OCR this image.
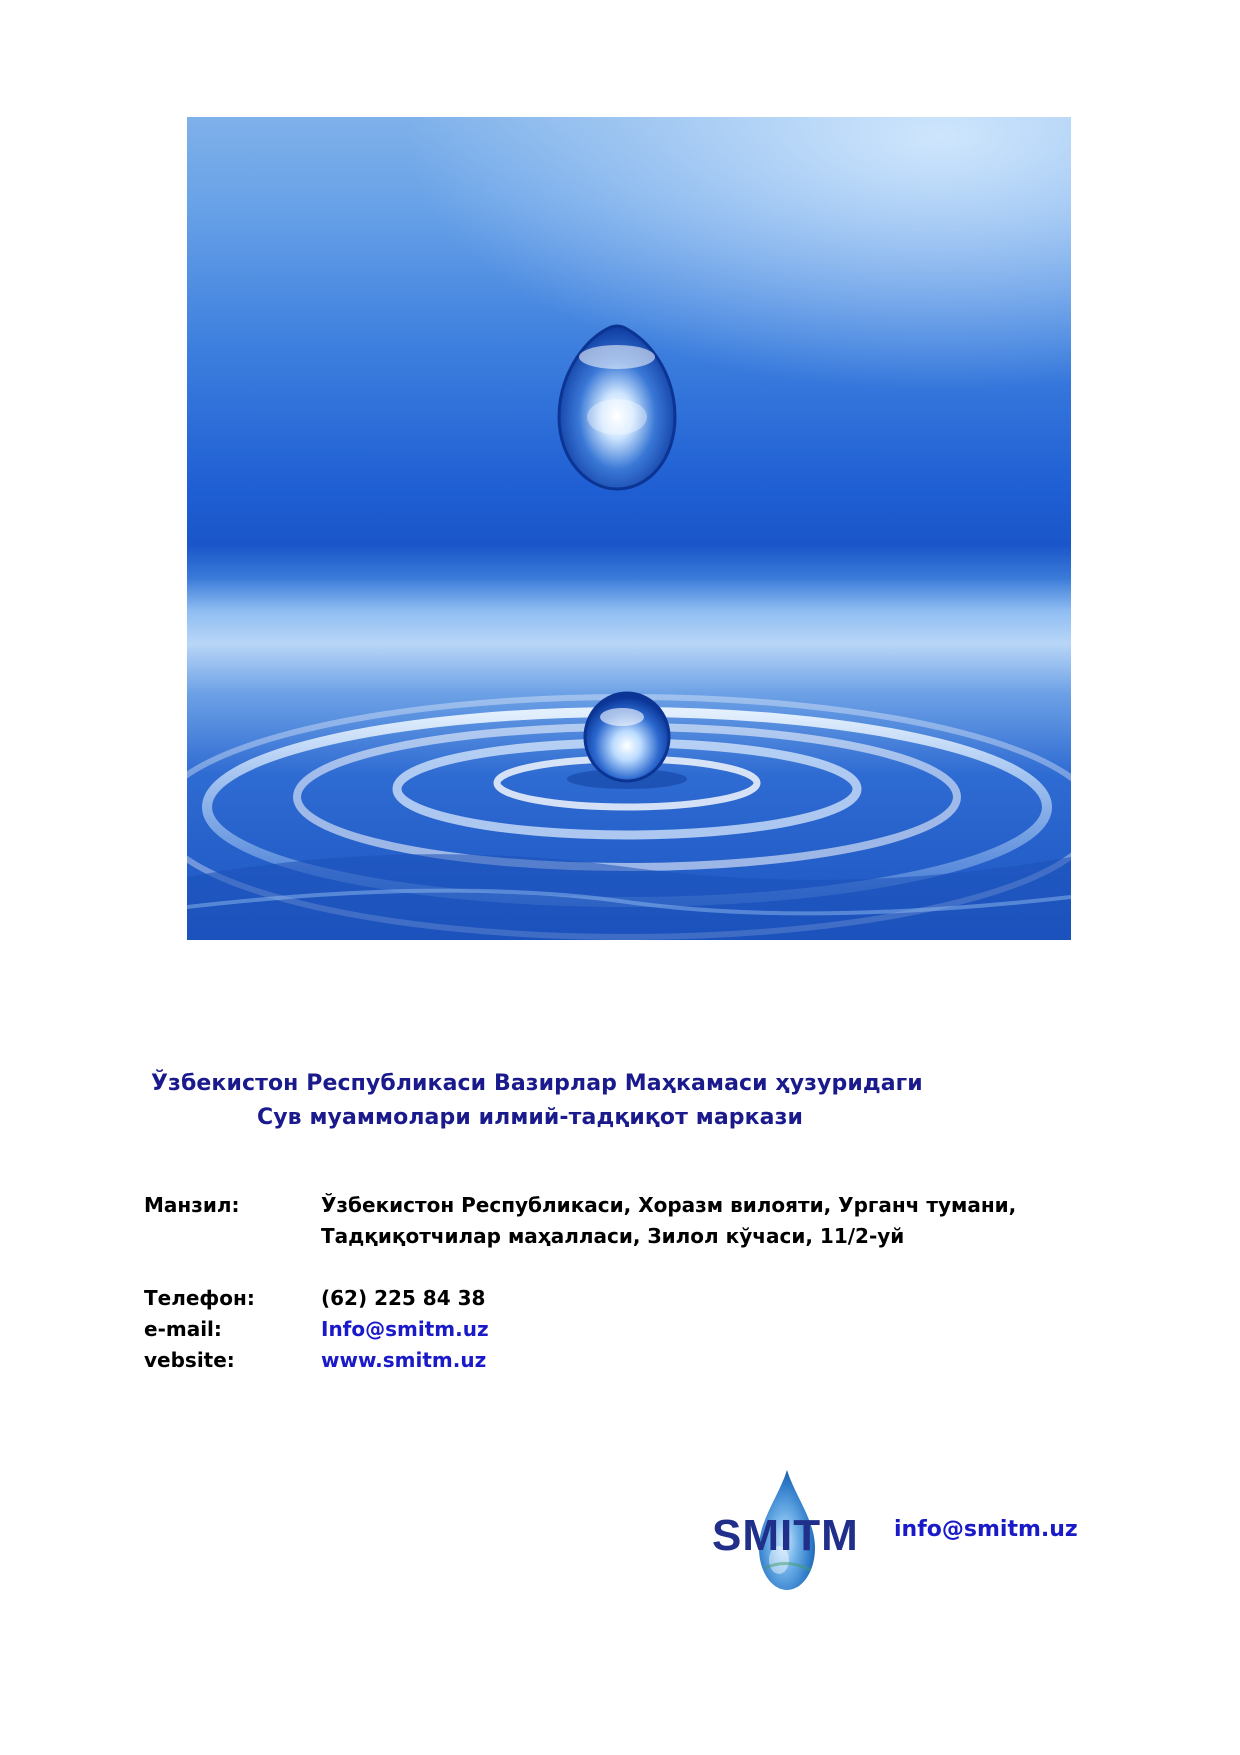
Ўзбекистон Республикаси Вазирлар Маҳкамаси ҳузуридаги
Сув муаммолари илмий-тадқиқот маркази
Манзил:	Ўзбекистон Республикаси, Хоразм вилояти, Урганч тумани,
Тадқиқотчилар маҳалласи, Зилол кўчаси, 11/2-уй
Телефон:	(62) 225 84 38
e-mail:	Info@smitm.uz
vebsite:	www.smitm.uz
SMITM info@smitm.uz
